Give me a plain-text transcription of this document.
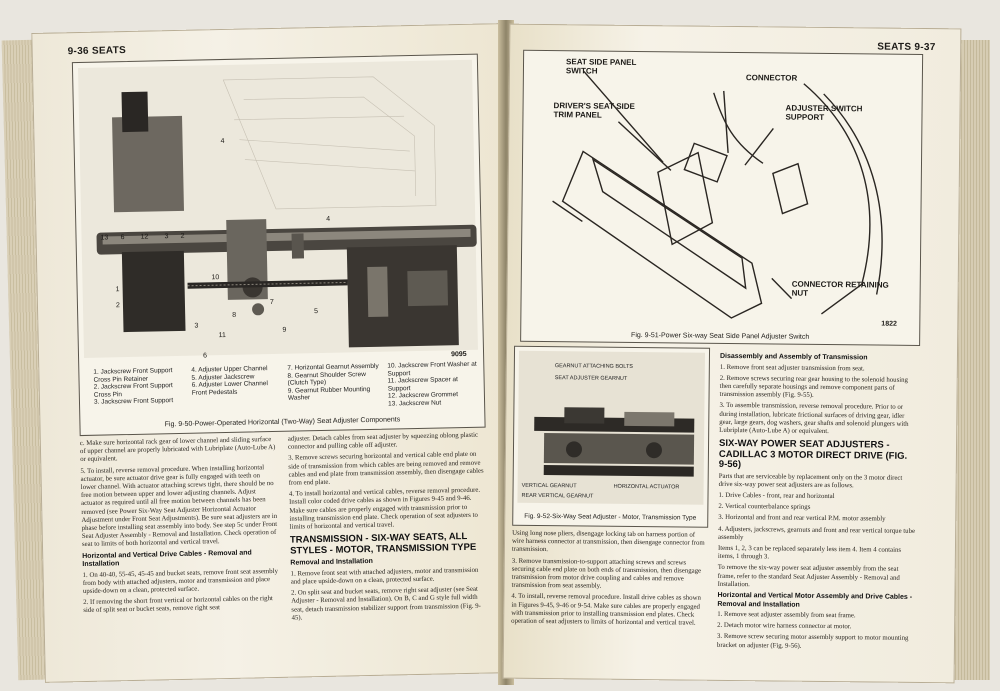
9-36 SEATS
4
13 6 12 3 2
4
10
1
2
8
9
7
3
11
5
6	9095
1. Jackscrew Front Support Cross Pin Retainer
2. Jackscrew Front Support Cross Pin
3. Jackscrew Front Support
4. Adjuster Upper Channel
5. Adjuster Jackscrew
6. Adjuster Lower Channel Front Pedestals
7. Horizontal Gearnut Assembly
8. Gearnut Shoulder Screw (Clutch Type)
9. Gearnut Rubber Mounting Washer
10. Jackscrew Front Washer at Support
11. Jackscrew Spacer at Support
12. Jackscrew Grommet
13. Jackscrew Nut
Fig. 9-50-Power-Operated Horizontal (Two-Way) Seat Adjuster Components

c. Make sure horizontal rack gear of lower channel and sliding surface of upper channel are properly lubricated with Lubriplate (Auto-Lube A) or equivalent.

5. To install, reverse removal procedure. When installing horizontal actuator, be sure actuator drive gear is fully engaged with teeth on lower channel. With actuator attaching screws tight, there should be no free motion between upper and lower adjusting channels. Adjust actuator as required until all free motion between channels has been removed (see Power Six-Way Seat Adjuster Horizontal Actuator Adjustment under Front Seat Adjustments). Be sure seat adjusters are in phase before installing seat assembly into body. See step 5c under Front Seat Adjuster Assembly - Removal and Installation. Check operation of seat to limits of both horizontal and vertical travel.

Horizontal and Vertical Drive Cables - Removal and Installation

1. On 40-40, 55-45, 45-45 and bucket seats, remove front seat assembly from body with attached adjusters, motor and transmission and place upside-down on a clean, protected surface.

2. If removing the short front vertical or horizontal cables on the right side of split seat or bucket seats, remove right seat

adjuster. Detach cables from seat adjuster by squeezing oblong plastic connector and pulling cable off adjuster.

3. Remove screws securing horizontal and vertical cable end plate on side of transmission from which cables are being removed and remove cables and end plate from transmission assembly, then disengage cables from end plate.

4. To install horizontal and vertical cables, reverse removal procedure. Install color coded drive cables as shown in Figures 9-45 and 9-46. Make sure cables are properly engaged with transmission prior to installing transmission end plate. Check operation of seat adjusters to limits of horizontal and vertical travel.

TRANSMISSION - SIX-WAY SEATS, ALL STYLES - MOTOR, TRANSMISSION TYPE
Removal and Installation

1. Remove front seat with attached adjusters, motor and transmission and place upside-down on a clean, protected surface.

2. On split seat and bucket seats, remove right seat adjuster (see Seat Adjuster - Removal and Installation). On B, C and G style full width seat, detach transmission stabilizer support from transmission (Fig. 9-45).

SEATS 9-37
SEAT SIDE PANEL SWITCH
CONNECTOR
DRIVER'S SEAT SIDE TRIM PANEL
ADJUSTER SWITCH SUPPORT
CONNECTOR RETAINING NUT
1822
Fig. 9-51-Power Six-way Seat Side Panel Adjuster Switch
GEARNUT ATTACHING BOLTS
SEAT ADJUSTER GEARNUT
HORIZONTAL ACTUATOR
VERTICAL GEARNUT
REAR VERTICAL GEARNUT
Fig. 9-52-Six-Way Seat Adjuster - Motor, Transmission Type

Using long nose pliers, disengage locking tab on harness portion of wire harness connector at transmission, then disengage connector from transmission.

3. Remove transmission-to-support attaching screws and screws securing cable end plate on both ends of transmission, then disengage transmission from motor drive coupling and cables and remove transmission from seat assembly.

4. To install, reverse removal procedure. Install drive cables as shown in Figures 9-45, 9-46 or 9-54. Make sure cables are properly engaged with transmission prior to installing transmission end plates. Check operation of seat adjusters to limits of horizontal and vertical travel.

Disassembly and Assembly of Transmission

1. Remove front seat adjuster transmission from seat.

2. Remove screws securing rear gear housing to the solenoid housing then carefully separate housings and remove component parts of transmission assembly (Fig. 9-55).

3. To assemble transmission, reverse removal procedure. Prior to or during installation, lubricate frictional surfaces of driving gear, idler gear, large gears, dog washers, gear shafts and solenoid plungers with Lubriplate (Auto-Lube A) or equivalent.

SIX-WAY POWER SEAT ADJUSTERS - CADILLAC 3 MOTOR DIRECT DRIVE (FIG. 9-56)

Parts that are serviceable by replacement only on the 3 motor direct drive six-way power seat adjusters are as follows.

1. Drive Cables - front, rear and horizontal

2. Vertical counterbalance springs

3. Horizontal and front and rear vertical P.M. motor assembly

4. Adjusters, jackscrews, gearnuts and front and rear vertical torque tube assembly

Items 1, 2, 3 can be replaced separately less item 4. Item 4 contains items, 1 through 3.

To remove the six-way power seat adjuster assembly from the seat frame, refer to the standard Seat Adjuster Assembly - Removal and Installation.

Horizontal and Vertical Motor Assembly and Drive Cables - Removal and Installation

1. Remove seat adjuster assembly from seat frame.

2. Detach motor wire harness connector at motor.

3. Remove screw securing motor assembly support to motor mounting bracket on adjuster (Fig. 9-56).
